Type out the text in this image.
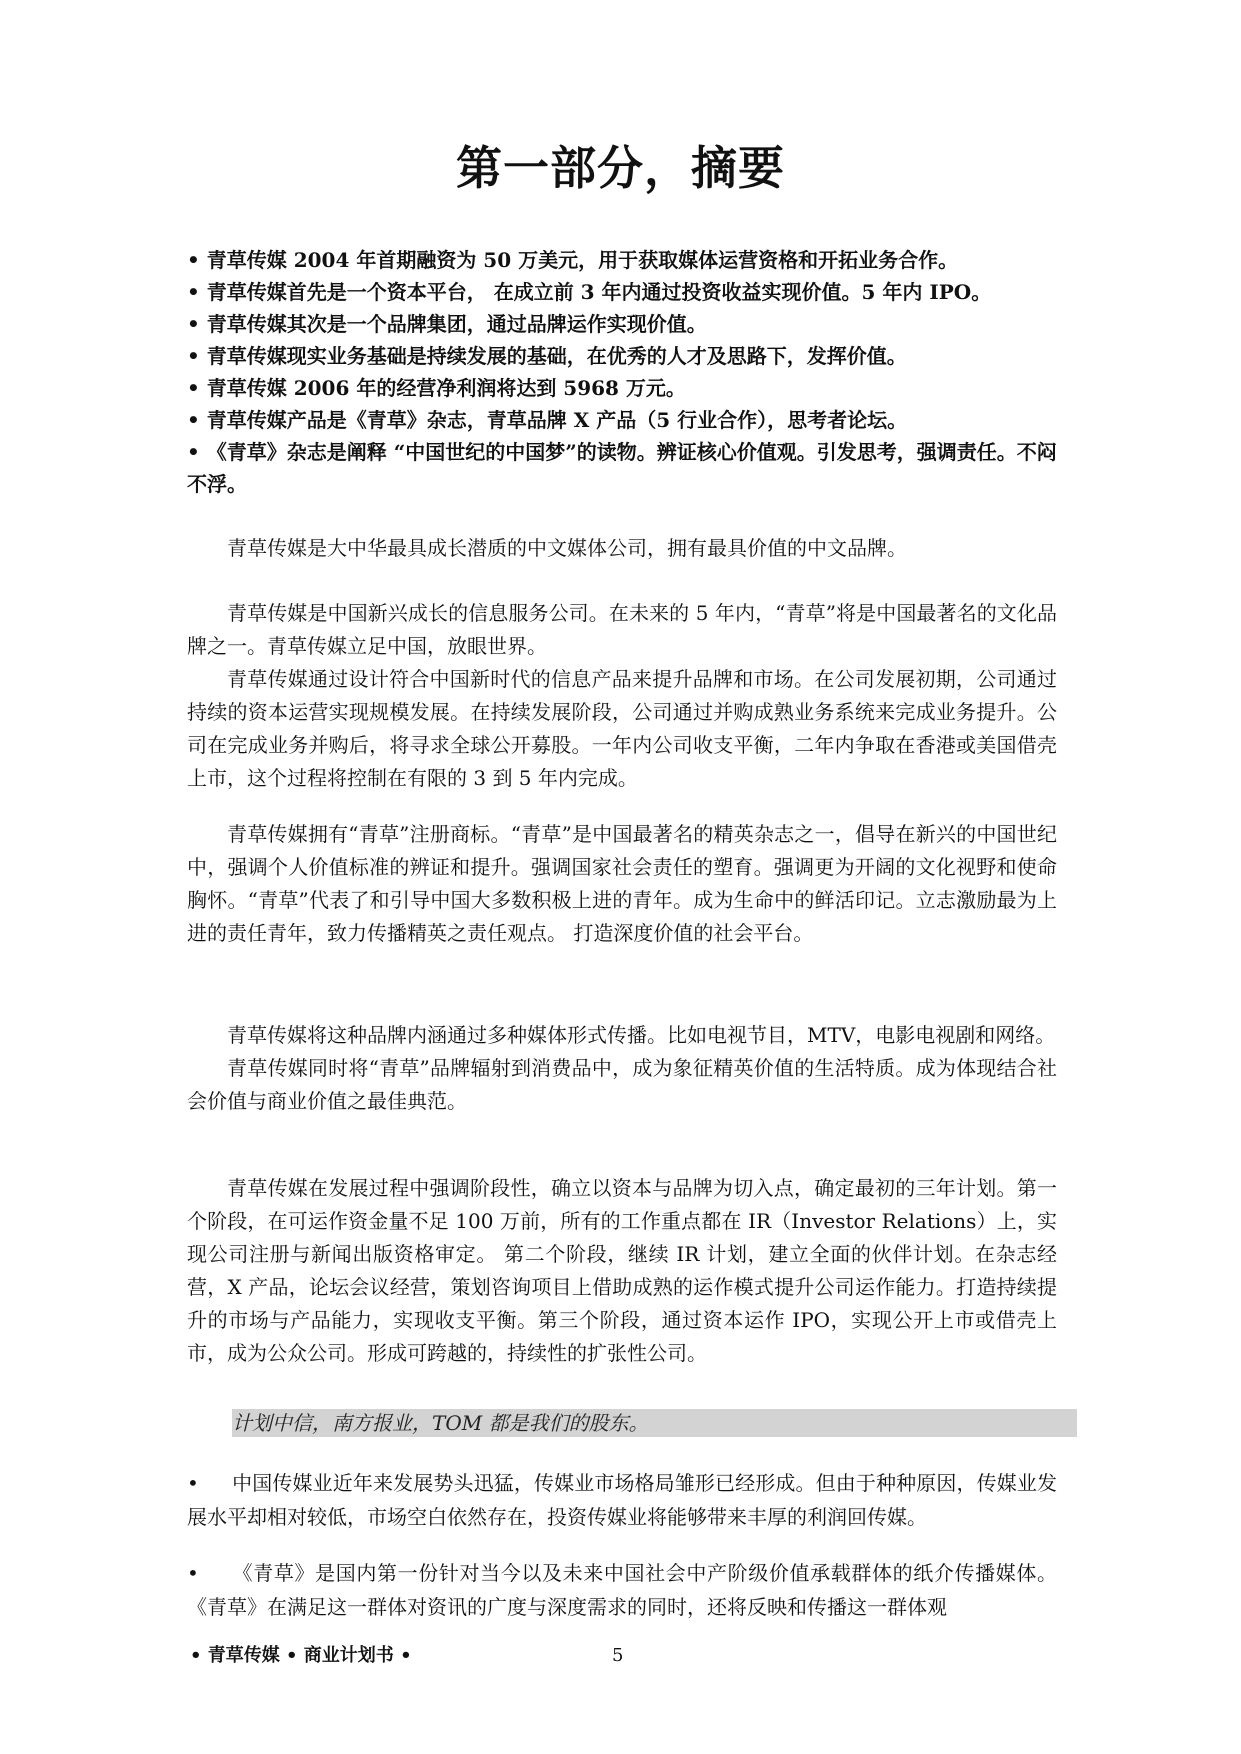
第一部分，摘要
• 青草传媒 2004 年首期融资为 50 万美元，用于获取媒体运营资格和开拓业务合作。
• 青草传媒首先是一个资本平台， 在成立前 3 年内通过投资收益实现价值。5 年内 IPO。
• 青草传媒其次是一个品牌集团，通过品牌运作实现价值。
• 青草传媒现实业务基础是持续发展的基础，在优秀的人才及思路下，发挥价值。
• 青草传媒 2006 年的经营净利润将达到 5968 万元。
• 青草传媒产品是《青草》杂志，青草品牌 X 产品（5 行业合作），思考者论坛。
• 《青草》杂志是阐释 “中国世纪的中国梦”的读物。辨证核心价值观。引发思考，强调责任。不闷不浮。

青草传媒是大中华最具成长潜质的中文媒体公司，拥有最具价值的中文品牌。

青草传媒是中国新兴成长的信息服务公司。在未来的 5 年内，“青草”将是中国最著名的文化品牌之一。青草传媒立足中国，放眼世界。

青草传媒通过设计符合中国新时代的信息产品来提升品牌和市场。在公司发展初期，公司通过持续的资本运营实现规模发展。在持续发展阶段，公司通过并购成熟业务系统来完成业务提升。公司在完成业务并购后，将寻求全球公开募股。一年内公司收支平衡，二年内争取在香港或美国借壳上市，这个过程将控制在有限的 3 到 5 年内完成。

青草传媒拥有“青草”注册商标。“青草”是中国最著名的精英杂志之一，倡导在新兴的中国世纪中，强调个人价值标准的辨证和提升。强调国家社会责任的塑育。强调更为开阔的文化视野和使命胸怀。“青草”代表了和引导中国大多数积极上进的青年。成为生命中的鲜活印记。立志激励最为上进的责任青年，致力传播精英之责任观点。 打造深度价值的社会平台。

青草传媒将这种品牌内涵通过多种媒体形式传播。比如电视节目，MTV，电影电视剧和网络。

青草传媒同时将“青草”品牌辐射到消费品中，成为象征精英价值的生活特质。成为体现结合社会价值与商业价值之最佳典范。

青草传媒在发展过程中强调阶段性，确立以资本与品牌为切入点，确定最初的三年计划。第一个阶段，在可运作资金量不足 100 万前，所有的工作重点都在 IR（Investor Relations）上，实现公司注册与新闻出版资格审定。 第二个阶段，继续 IR 计划，建立全面的伙伴计划。在杂志经营，X 产品，论坛会议经营，策划咨询项目上借助成熟的运作模式提升公司运作能力。打造持续提升的市场与产品能力，实现收支平衡。第三个阶段，通过资本运作 IPO，实现公开上市或借壳上市，成为公众公司。形成可跨越的，持续性的扩张性公司。

计划中信，南方报业，TOM 都是我们的股东。
• 中国传媒业近年来发展势头迅猛，传媒业市场格局雏形已经形成。但由于种种原因，传媒业发展水平却相对较低，市场空白依然存在，投资传媒业将能够带来丰厚的利润回传媒。
• 《青草》是国内第一份针对当今以及未来中国社会中产阶级价值承载群体的纸介传播媒体。《青草》在满足这一群体对资讯的广度与深度需求的同时，还将反映和传播这一群体观
• 青草传媒 • 商业计划书 •	5
